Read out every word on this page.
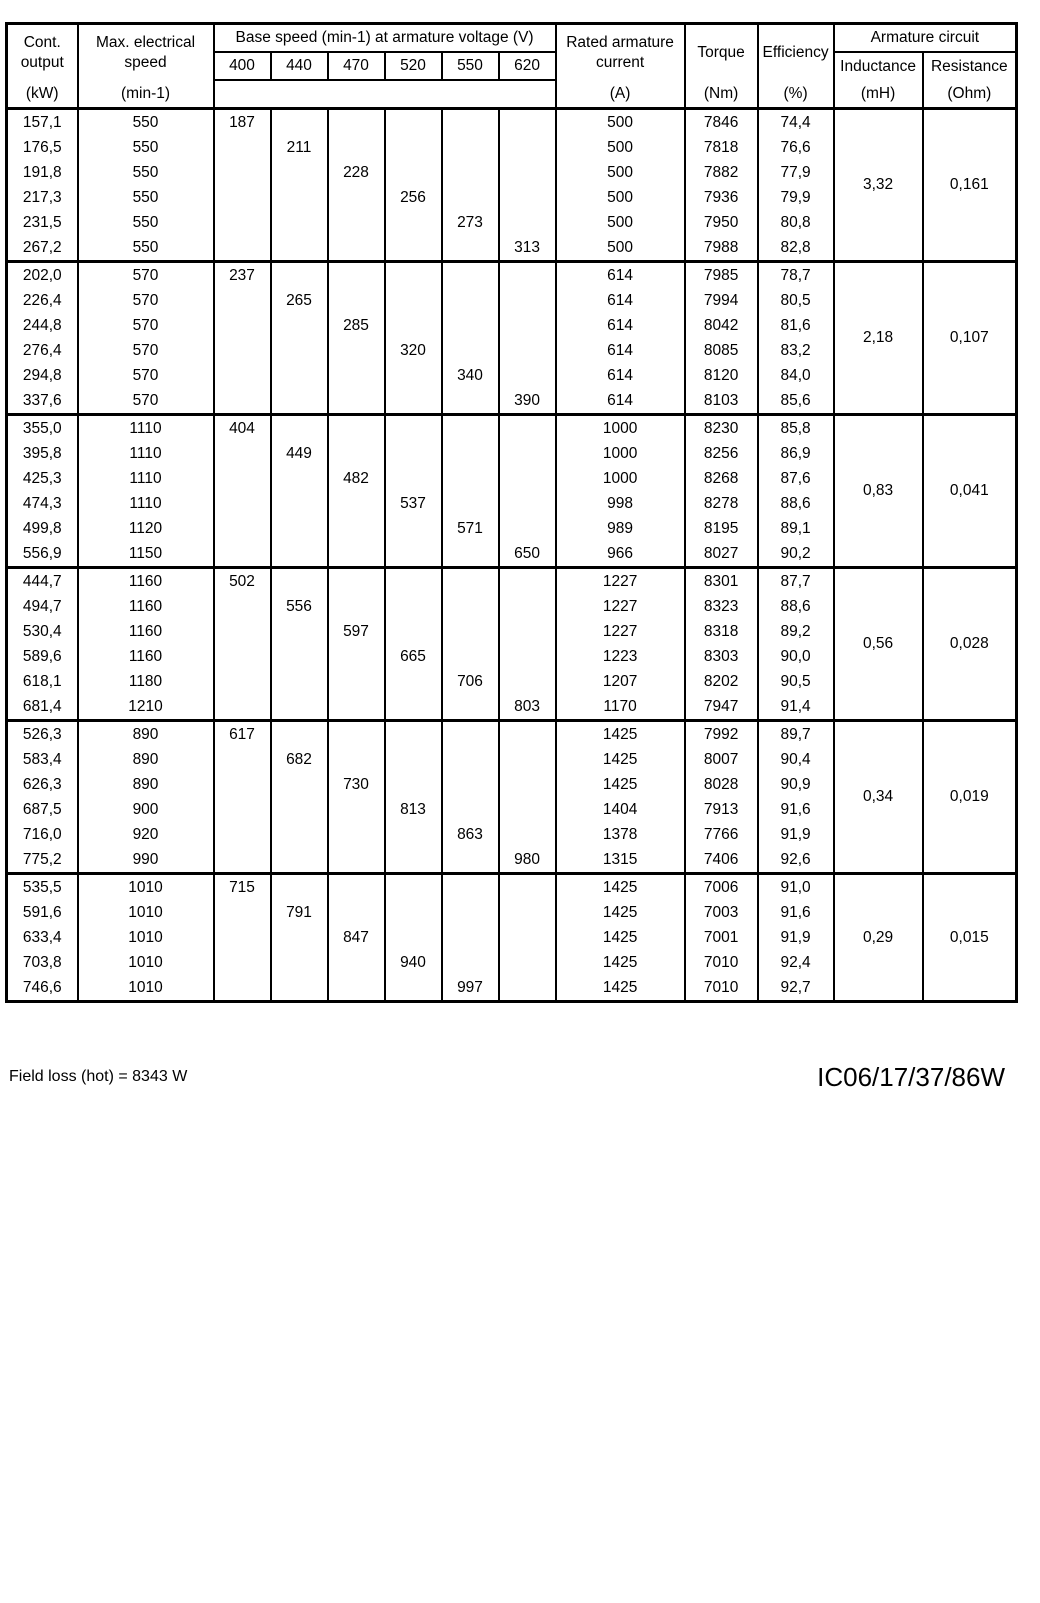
Cont. output	Max. electrical speed	Base speed (min-1) at armature voltage (V)						Rated armature current	Torque	Efficiency	Armature circuit	
											Inductance	Resistance
		400	440	470	520	550	620					
(kW)	(min-1)							(A)	(Nm)	(%)	(mH)	(Ohm)
157,1	550	187						500	7846	74,4	3,32	0,161
176,5	550		211					500	7818	76,6		
191,8	550			228				500	7882	77,9		
217,3	550				256			500	7936	79,9		
231,5	550					273		500	7950	80,8		
267,2	550						313	500	7988	82,8		
202,0	570	237						614	7985	78,7	2,18	0,107
226,4	570		265					614	7994	80,5		
244,8	570			285				614	8042	81,6		
276,4	570				320			614	8085	83,2		
294,8	570					340		614	8120	84,0		
337,6	570						390	614	8103	85,6		
355,0	1110	404						1000	8230	85,8	0,83	0,041
395,8	1110		449					1000	8256	86,9		
425,3	1110			482				1000	8268	87,6		
474,3	1110				537			998	8278	88,6		
499,8	1120					571		989	8195	89,1		
556,9	1150						650	966	8027	90,2		
444,7	1160	502						1227	8301	87,7	0,56	0,028
494,7	1160		556					1227	8323	88,6		
530,4	1160			597				1227	8318	89,2		
589,6	1160				665			1223	8303	90,0		
618,1	1180					706		1207	8202	90,5		
681,4	1210						803	1170	7947	91,4		
526,3	890	617						1425	7992	89,7	0,34	0,019
583,4	890		682					1425	8007	90,4		
626,3	890			730				1425	8028	90,9		
687,5	900				813			1404	7913	91,6		
716,0	920					863		1378	7766	91,9		
775,2	990						980	1315	7406	92,6		
535,5	1010	715						1425	7006	91,0	0,29	0,015
591,6	1010		791					1425	7003	91,6		
633,4	1010			847				1425	7001	91,9		
703,8	1010				940			1425	7010	92,4		
746,6	1010					997		1425	7010	92,7		
Field loss (hot) = 8343 W	IC06/17/37/86W
